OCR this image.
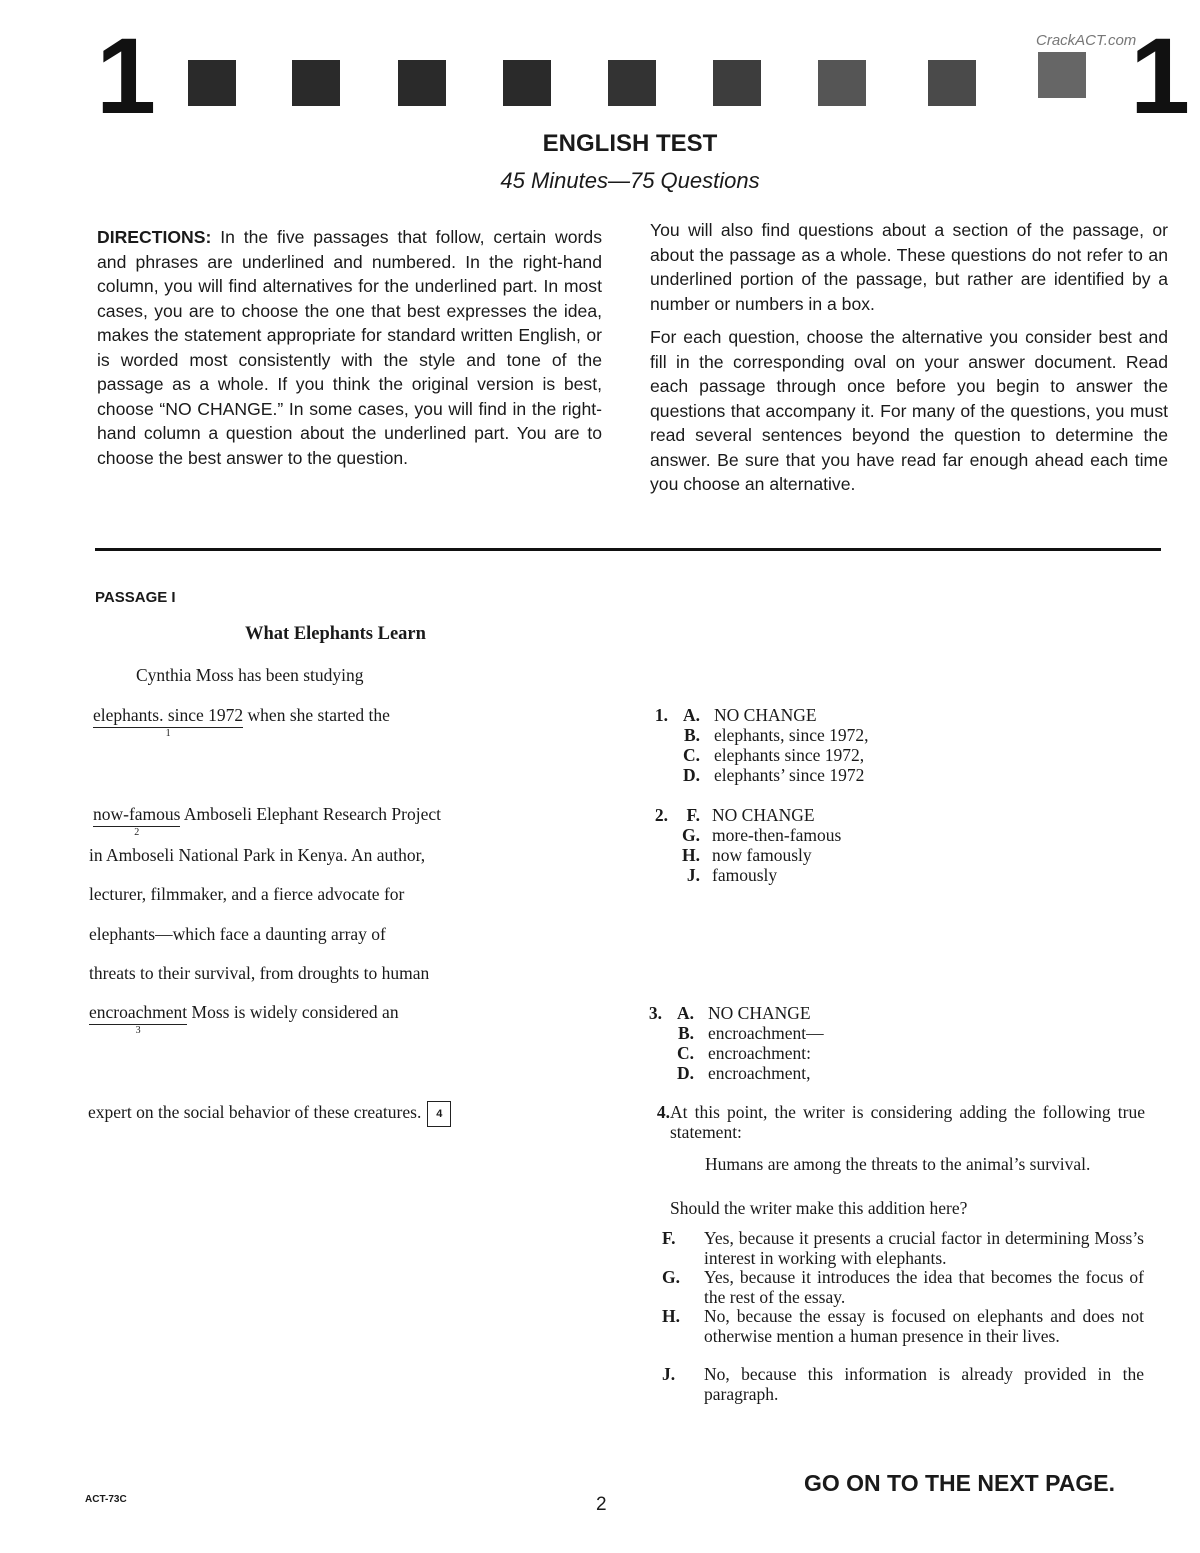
1	CrackACT.com
1
ENGLISH TEST
45 Minutes—75 Questions
DIRECTIONS: In the five passages that follow, certain words and phrases are underlined and numbered. In the right-hand column, you will find alternatives for the underlined part. In most cases, you are to choose the one that best expresses the idea, makes the statement appropriate for standard written English, or is worded most consistently with the style and tone of the passage as a whole. If you think the original version is best, choose “NO CHANGE.” In some cases, you will find in the right-hand column a question about the underlined part. You are to choose the best answer to the question.
You will also find questions about a section of the passage, or about the passage as a whole. These questions do not refer to an underlined portion of the passage, but rather are identified by a number or numbers in a box.
For each question, choose the alternative you consider best and fill in the corresponding oval on your answer document. Read each passage through once before you begin to answer the questions that accompany it. For many of the questions, you must read several sentences beyond the question to determine the answer. Be sure that you have read far enough ahead each time you choose an alternative.
PASSAGE I
What Elephants Learn
Cynthia Moss has been studying
elephants. since 1972
1
when she started the
now-famous
2
Amboseli Elephant Research Project
in Amboseli National Park in Kenya. An author,
lecturer, filmmaker, and a fierce advocate for
elephants—which face a daunting array of
threats to their survival, from droughts to human
encroachment
3
Moss is widely considered an
expert on the social behavior of these creatures. 4
1. A. NO CHANGE
B. elephants, since 1972,
C. elephants since 1972,
D. elephants’ since 1972
2.	F. NO CHANGE
G. more-then-famous
H. now famously
J. famously
3. A. NO CHANGE
B. encroachment—
C. encroachment:
D. encroachment,
4. At this point, the writer is considering adding the following true statement:
Humans are among the threats to the animal’s survival.
Should the writer make this addition here?
F. Yes, because it presents a crucial factor in determining Moss’s interest in working with elephants.
G. Yes, because it introduces the idea that becomes the focus of the rest of the essay.
H. No, because the essay is focused on elephants and does not otherwise mention a human presence in their lives.
J. No, because this information is already provided in the paragraph.
ACT-73C	2
GO ON TO THE NEXT PAGE.
